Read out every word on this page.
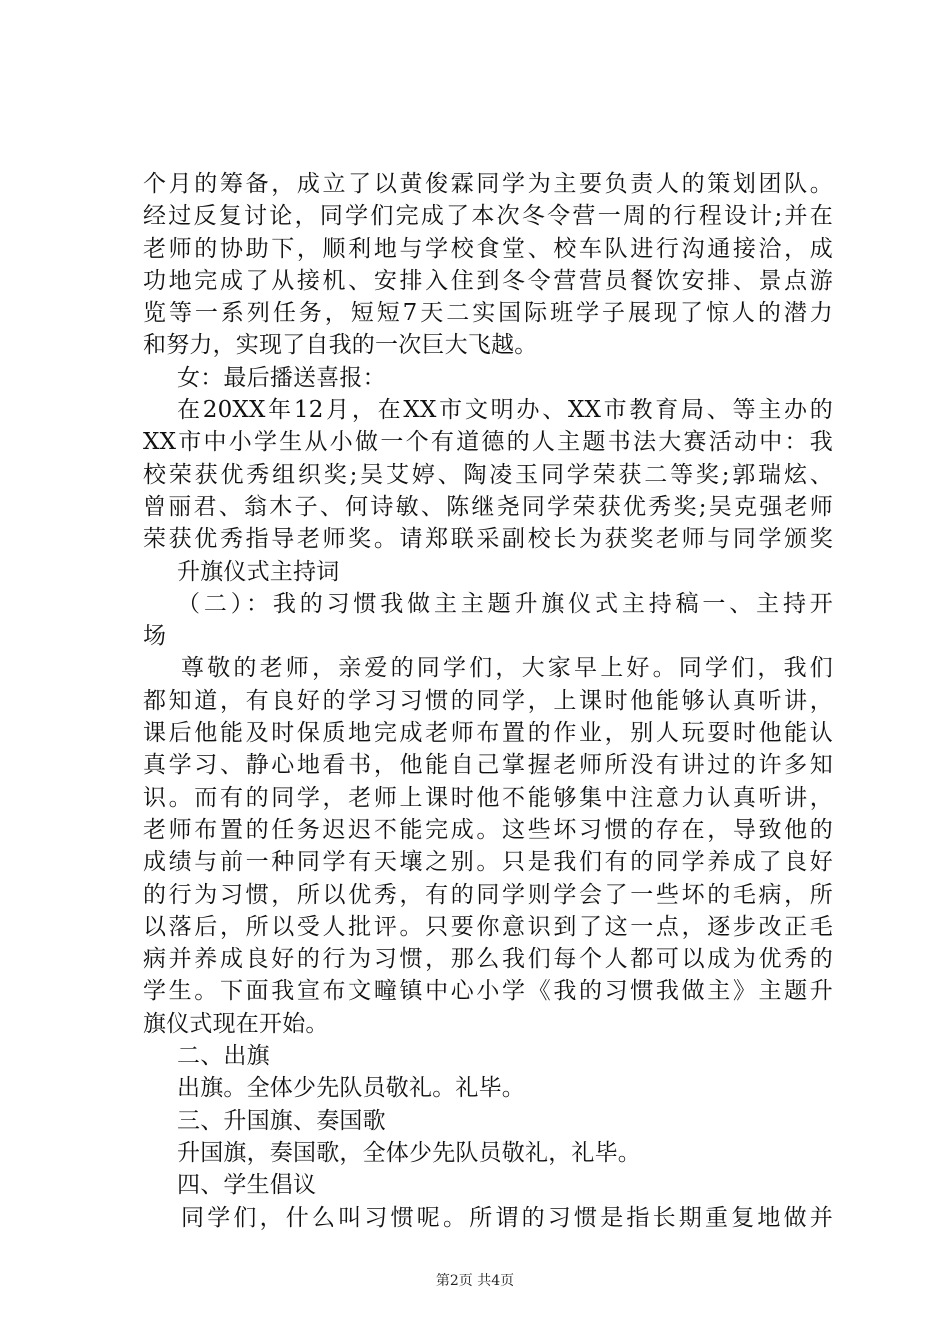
个月的筹备，成立了以黄俊霖同学为主要负责人的策划团队。
经过反复讨论，同学们完成了本次冬令营一周的行程设计;并在
老师的协助下，顺利地与学校食堂、校车队进行沟通接洽，成
功地完成了从接机、安排入住到冬令营营员餐饮安排、景点游
览等一系列任务，短短7天二实国际班学子展现了惊人的潜力
和努力，实现了自我的一次巨大飞越。
女：最后播送喜报：
在20XX年12月，在XX市文明办、XX市教育局、等主办的
XX市中小学生从小做一个有道德的人主题书法大赛活动中：我
校荣获优秀组织奖;吴艾婷、陶凌玉同学荣获二等奖;郭瑞炫、
曾丽君、翁木子、何诗敏、陈继尧同学荣获优秀奖;吴克强老师
荣获优秀指导老师奖。请郑联采副校长为获奖老师与同学颁奖
升旗仪式主持词
（二）：我的习惯我做主主题升旗仪式主持稿一、主持开
场
尊敬的老师，亲爱的同学们，大家早上好。同学们，我们
都知道，有良好的学习习惯的同学，上课时他能够认真听讲，
课后他能及时保质地完成老师布置的作业，别人玩耍时他能认
真学习、静心地看书，他能自己掌握老师所没有讲过的许多知
识。而有的同学，老师上课时他不能够集中注意力认真听讲，
老师布置的任务迟迟不能完成。这些坏习惯的存在，导致他的
成绩与前一种同学有天壤之别。只是我们有的同学养成了良好
的行为习惯，所以优秀，有的同学则学会了一些坏的毛病，所
以落后，所以受人批评。只要你意识到了这一点，逐步改正毛
病并养成良好的行为习惯，那么我们每个人都可以成为优秀的
学生。下面我宣布文疃镇中心小学《我的习惯我做主》主题升
旗仪式现在开始。
二、出旗
出旗。全体少先队员敬礼。礼毕。
三、升国旗、奏国歌
升国旗，奏国歌，全体少先队员敬礼，礼毕。
四、学生倡议
同学们，什么叫习惯呢。所谓的习惯是指长期重复地做并
第2页 共4页
